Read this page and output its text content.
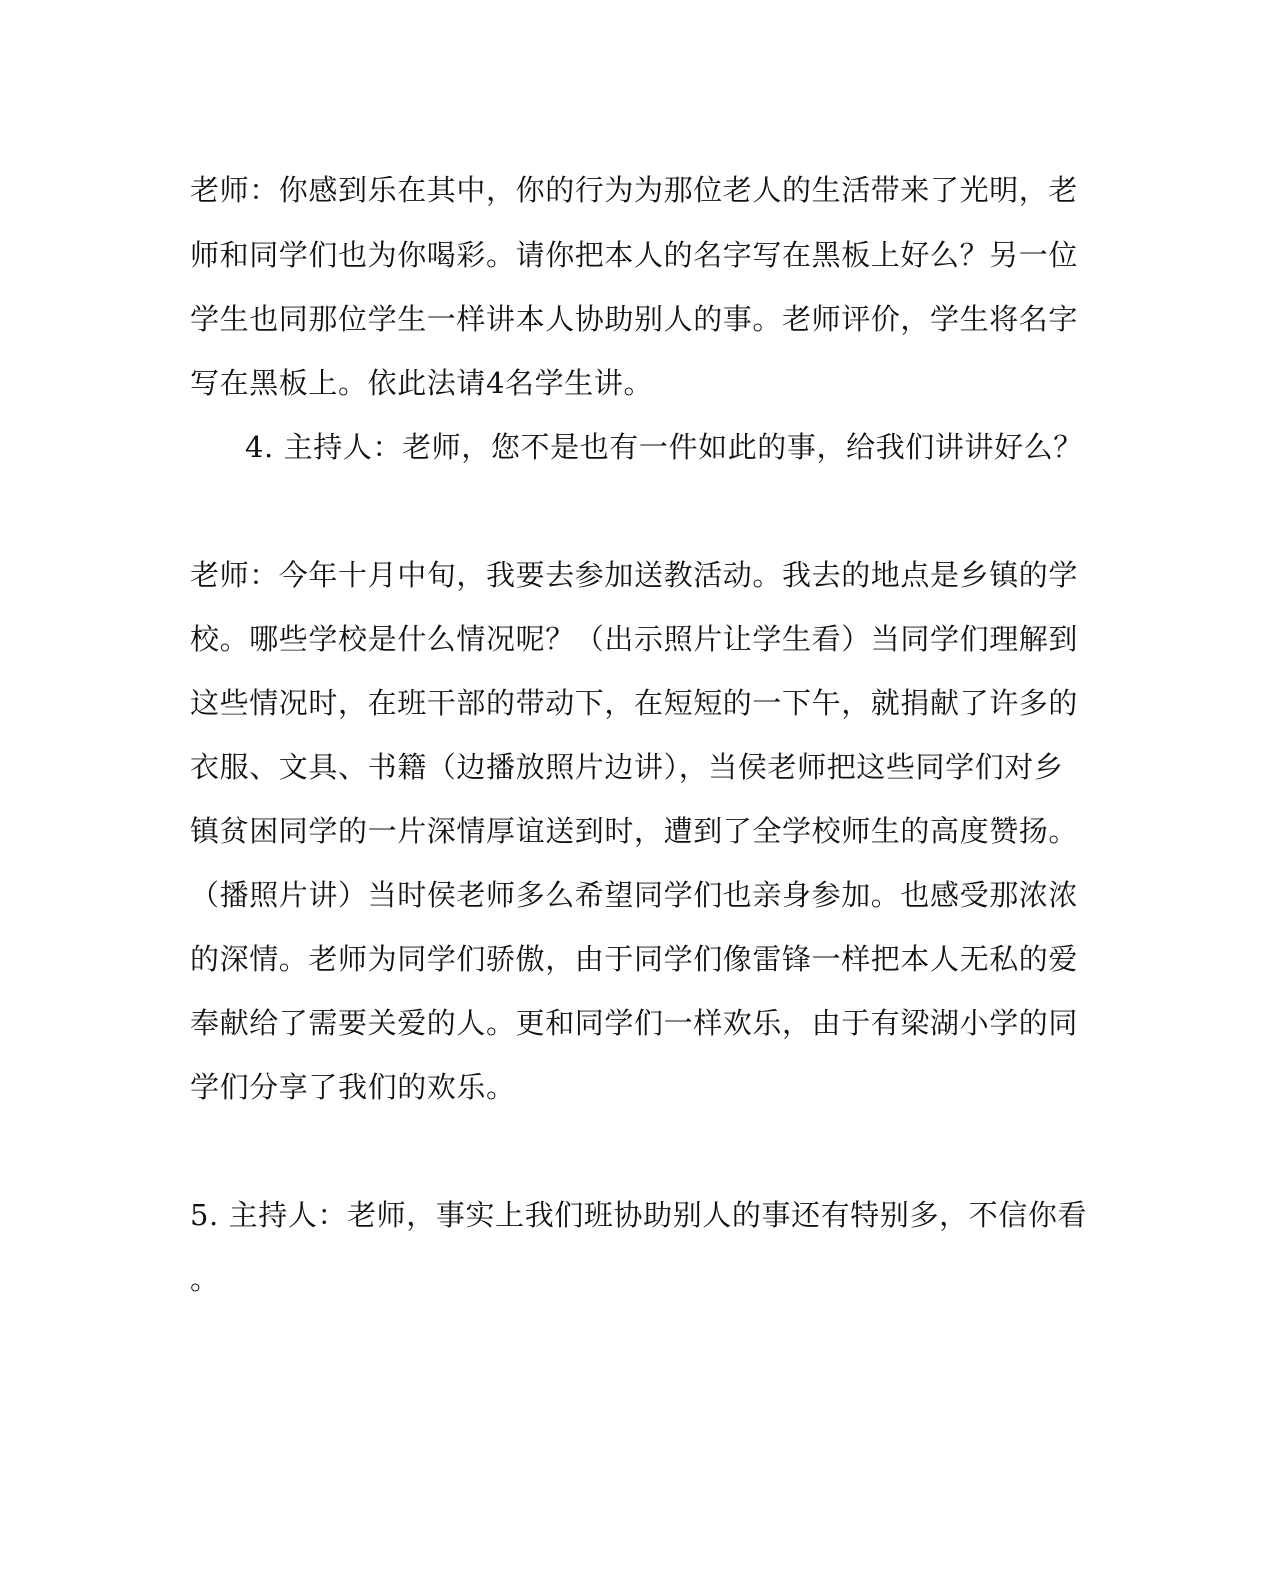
老师：你感到乐在其中，你的行为为那位老人的生活带来了光明，老
师和同学们也为你喝彩。请你把本人的名字写在黑板上好么？另一位
学生也同那位学生一样讲本人协助别人的事。老师评价，学生将名字
写在黑板上。依此法请4名学生讲。
4. 主持人：老师，您不是也有一件如此的事，给我们讲讲好么？
老师：今年十月中旬，我要去参加送教活动。我去的地点是乡镇的学
校。哪些学校是什么情况呢？（出示照片让学生看）当同学们理解到
这些情况时，在班干部的带动下，在短短的一下午，就捐献了许多的
衣服、文具、书籍（边播放照片边讲），当侯老师把这些同学们对乡
镇贫困同学的一片深情厚谊送到时，遭到了全学校师生的高度赞扬。
（播照片讲）当时侯老师多么希望同学们也亲身参加。也感受那浓浓
的深情。老师为同学们骄傲，由于同学们像雷锋一样把本人无私的爱
奉献给了需要关爱的人。更和同学们一样欢乐，由于有梁湖小学的同
学们分享了我们的欢乐。
5. 主持人：老师，事实上我们班协助别人的事还有特别多，不信你看
。
